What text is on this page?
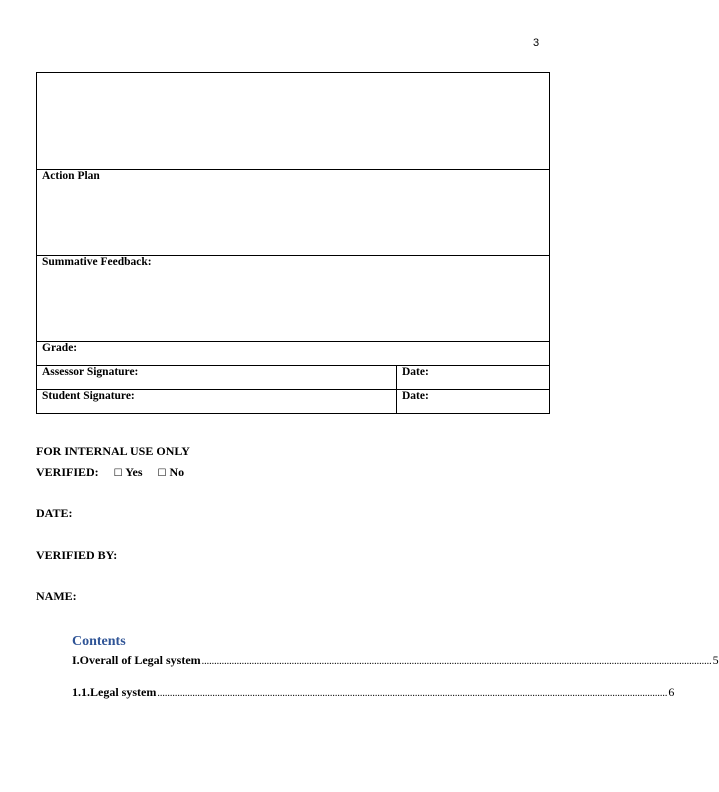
3

Action Plan	
Summative Feedback:	
Grade:	
Assessor Signature:	Date:
Student Signature:	Date:
FOR INTERNAL USE ONLY
VERIFIED: ☐ Yes ☐ No
DATE:
VERIFIED BY:
NAME:
Contents
I. Overall of Legal system ............................................................................................................................................................................................................ 5
1.1. Legal system ............................................................................................................................................................................................................ 6
